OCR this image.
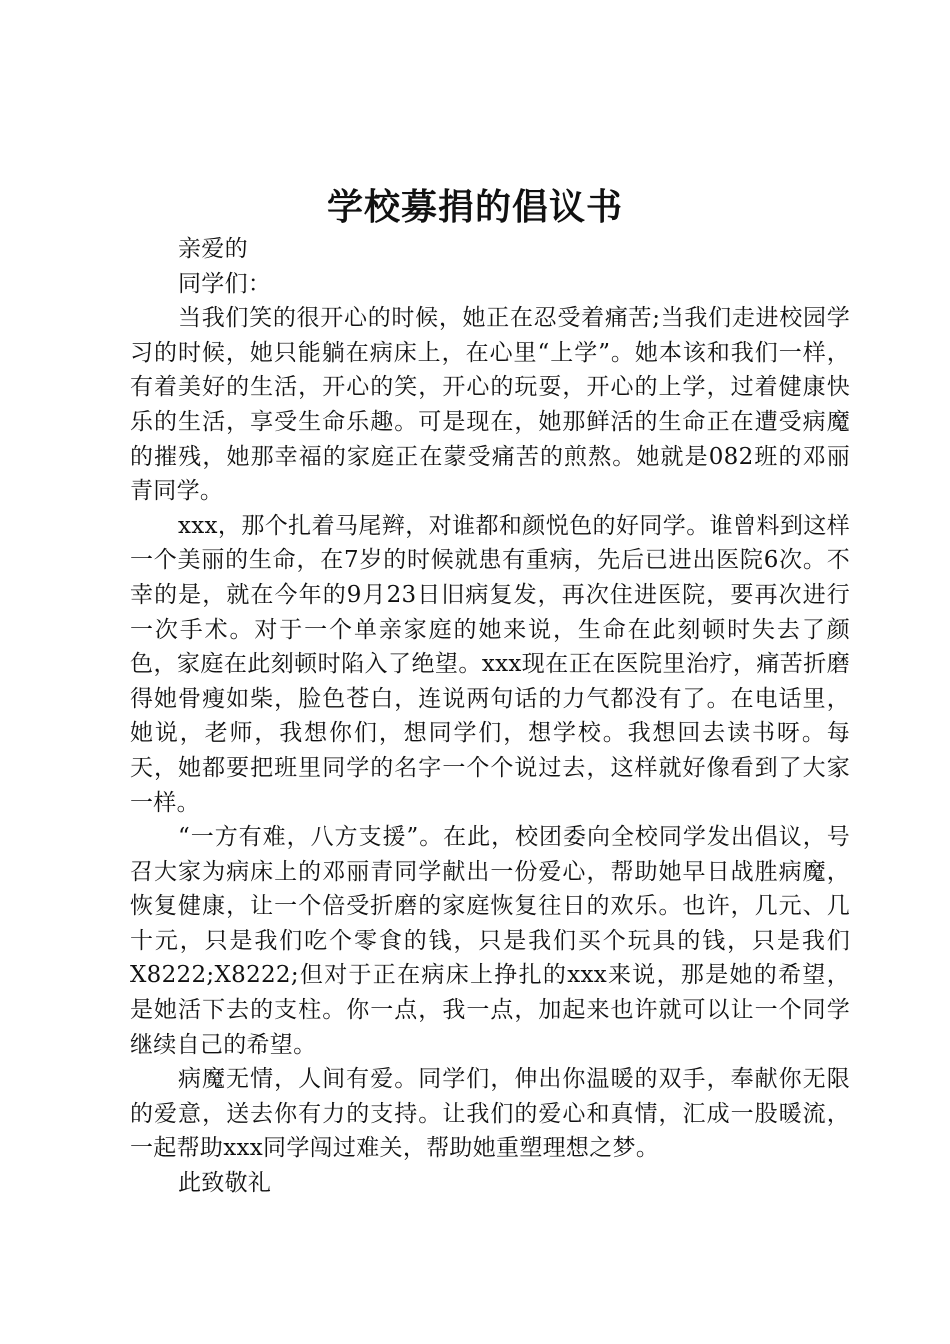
学校募捐的倡议书

亲爱的

同学们：

当我们笑的很开心的时候，她正在忍受着痛苦;当我们走进校园学习的时候，她只能躺在病床上，在心里“上学”。她本该和我们一样，有着美好的生活，开心的笑，开心的玩耍，开心的上学，过着健康快乐的生活，享受生命乐趣。可是现在，她那鲜活的生命正在遭受病魔的摧残，她那幸福的家庭正在蒙受痛苦的煎熬。她就是082班的邓丽青同学。

xxx，那个扎着马尾辫，对谁都和颜悦色的好同学。谁曾料到这样一个美丽的生命，在7岁的时候就患有重病，先后已进出医院6次。不幸的是，就在今年的9月23日旧病复发，再次住进医院，要再次进行一次手术。对于一个单亲家庭的她来说，生命在此刻顿时失去了颜色，家庭在此刻顿时陷入了绝望。xxx现在正在医院里治疗，痛苦折磨得她骨瘦如柴，脸色苍白，连说两句话的力气都没有了。在电话里，她说，老师，我想你们，想同学们，想学校。我想回去读书呀。每天，她都要把班里同学的名字一个个说过去，这样就好像看到了大家一样。

“一方有难，八方支援”。在此，校团委向全校同学发出倡议，号召大家为病床上的邓丽青同学献出一份爱心，帮助她早日战胜病魔，恢复健康，让一个倍受折磨的家庭恢复往日的欢乐。也许，几元、几十元，只是我们吃个零食的钱，只是我们买个玩具的钱，只是我们X8222;X8222;但对于正在病床上挣扎的xxx来说，那是她的希望，是她活下去的支柱。你一点，我一点，加起来也许就可以让一个同学继续自己的希望。

病魔无情，人间有爱。同学们，伸出你温暖的双手，奉献你无限的爱意，送去你有力的支持。让我们的爱心和真情，汇成一股暖流，一起帮助xxx同学闯过难关，帮助她重塑理想之梦。

此致敬礼
